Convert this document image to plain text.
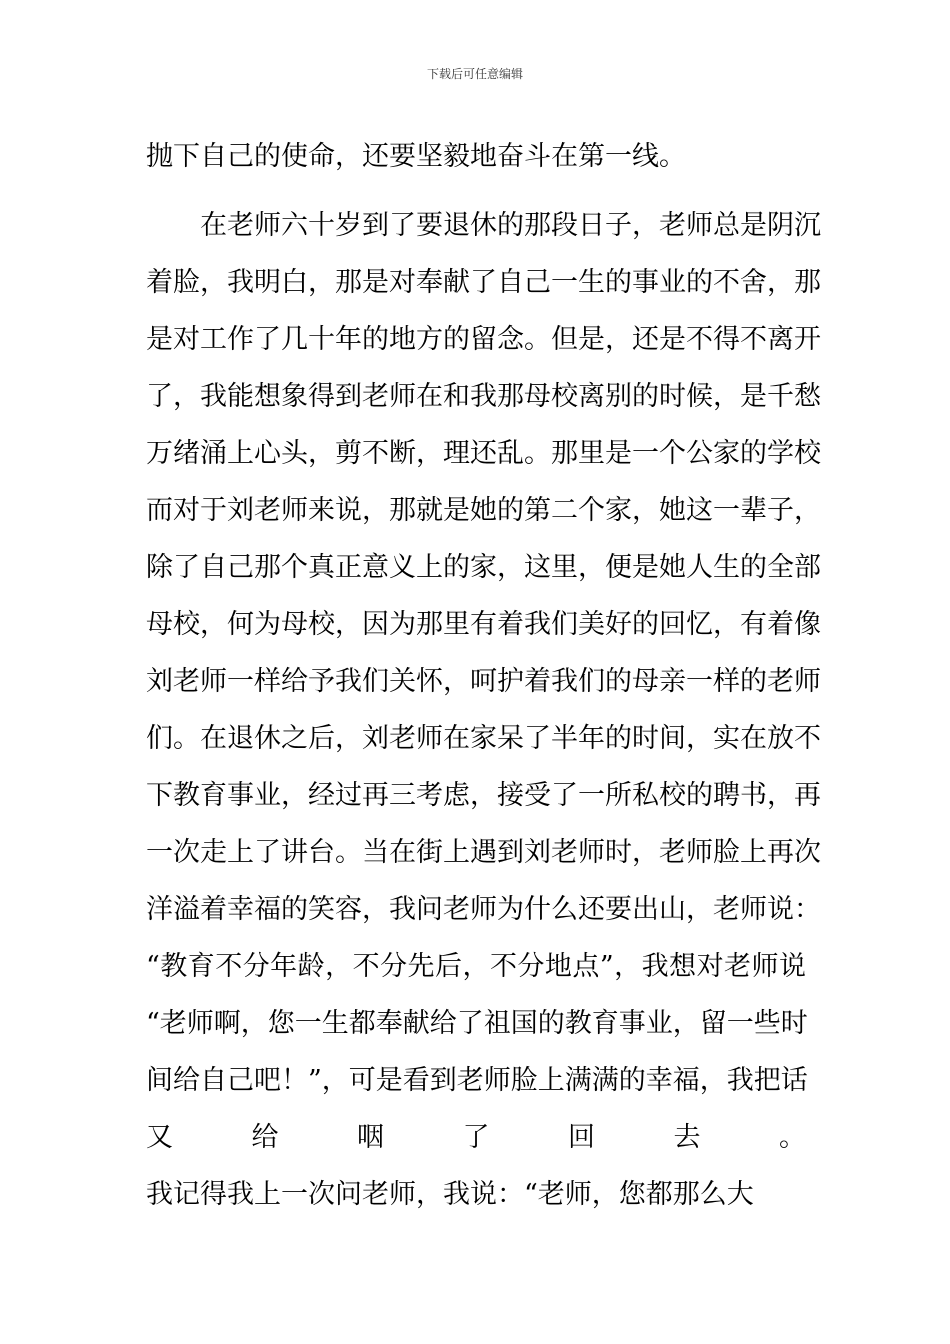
下载后可任意编辑
抛下自己的使命，还要坚毅地奋斗在第一线。
在老师六十岁到了要退休的那段日子，老师总是阴沉
着脸，我明白，那是对奉献了自己一生的事业的不舍，那
是对工作了几十年的地方的留念。但是，还是不得不离开
了，我能想象得到老师在和我那母校离别的时候，是千愁
万绪涌上心头，剪不断，理还乱。那里是一个公家的学校
而对于刘老师来说，那就是她的第二个家，她这一辈子，
除了自己那个真正意义上的家，这里，便是她人生的全部
母校，何为母校，因为那里有着我们美好的回忆，有着像
刘老师一样给予我们关怀，呵护着我们的母亲一样的老师
们。在退休之后，刘老师在家呆了半年的时间，实在放不
下教育事业，经过再三考虑，接受了一所私校的聘书，再
一次走上了讲台。当在街上遇到刘老师时，老师脸上再次
洋溢着幸福的笑容，我问老师为什么还要出山，老师说：
“教育不分年龄，不分先后，不分地点”，我想对老师说
“老师啊，您一生都奉献给了祖国的教育事业，留一些时
间给自己吧！”，可是看到老师脸上满满的幸福，我把话
又给咽了回去。
我记得我上一次问老师，我说：“老师，您都那么大
